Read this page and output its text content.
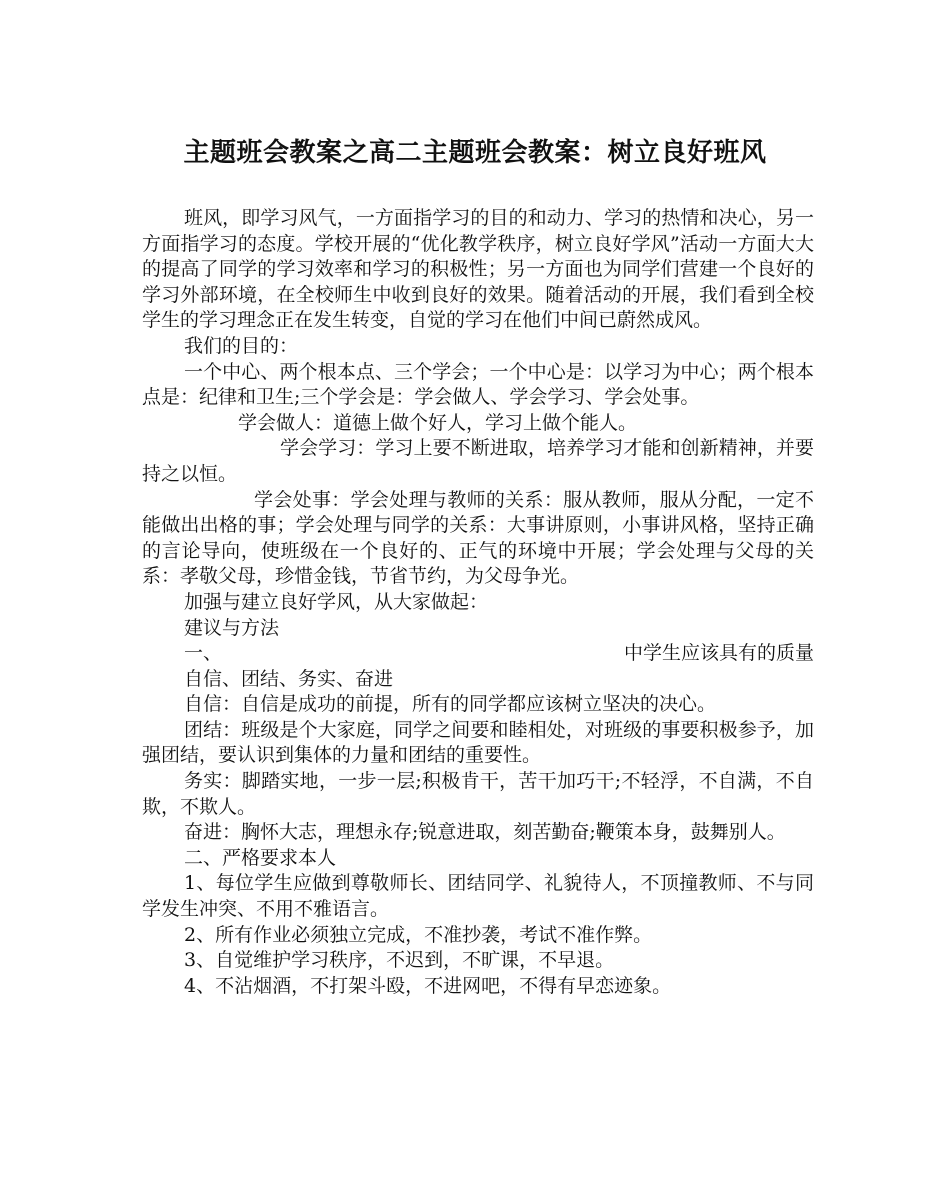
主题班会教案之高二主题班会教案：树立良好班风

班风，即学习风气，一方面指学习的目的和动力、学习的热情和决心，另一方面指学习的态度。学校开展的“优化教学秩序，树立良好学风”活动一方面大大的提高了同学的学习效率和学习的积极性；另一方面也为同学们营建一个良好的学习外部环境，在全校师生中收到良好的效果。随着活动的开展，我们看到全校学生的学习理念正在发生转变，自觉的学习在他们中间已蔚然成风。

我们的目的：

一个中心、两个根本点、三个学会；一个中心是：以学习为中心；两个根本点是：纪律和卫生;三个学会是：学会做人、学会学习、学会处事。

学会做人：道德上做个好人，学习上做个能人。

学会学习：学习上要不断进取，培养学习才能和创新精神，并要持之以恒。

学会处事：学会处理与教师的关系：服从教师，服从分配，一定不能做出出格的事；学会处理与同学的关系：大事讲原则，小事讲风格，坚持正确的言论导向，使班级在一个良好的、正气的环境中开展；学会处理与父母的关系：孝敬父母，珍惜金钱，节省节约，为父母争光。

加强与建立良好学风，从大家做起：

建议与方法

一、	中学生应该具有的质量

自信、团结、务实、奋进

自信：自信是成功的前提，所有的同学都应该树立坚决的决心。

团结：班级是个大家庭，同学之间要和睦相处，对班级的事要积极参予，加强团结，要认识到集体的力量和团结的重要性。

务实：脚踏实地，一步一层;积极肯干，苦干加巧干;不轻浮，不自满，不自欺，不欺人。

奋进：胸怀大志，理想永存;锐意进取，刻苦勤奋;鞭策本身，鼓舞别人。

二、严格要求本人

1、每位学生应做到尊敬师长、团结同学、礼貌待人，不顶撞教师、不与同学发生冲突、不用不雅语言。

2、所有作业必须独立完成，不准抄袭，考试不准作弊。

3、自觉维护学习秩序，不迟到，不旷课，不早退。

4、不沾烟酒，不打架斗殴，不进网吧，不得有早恋迹象。
